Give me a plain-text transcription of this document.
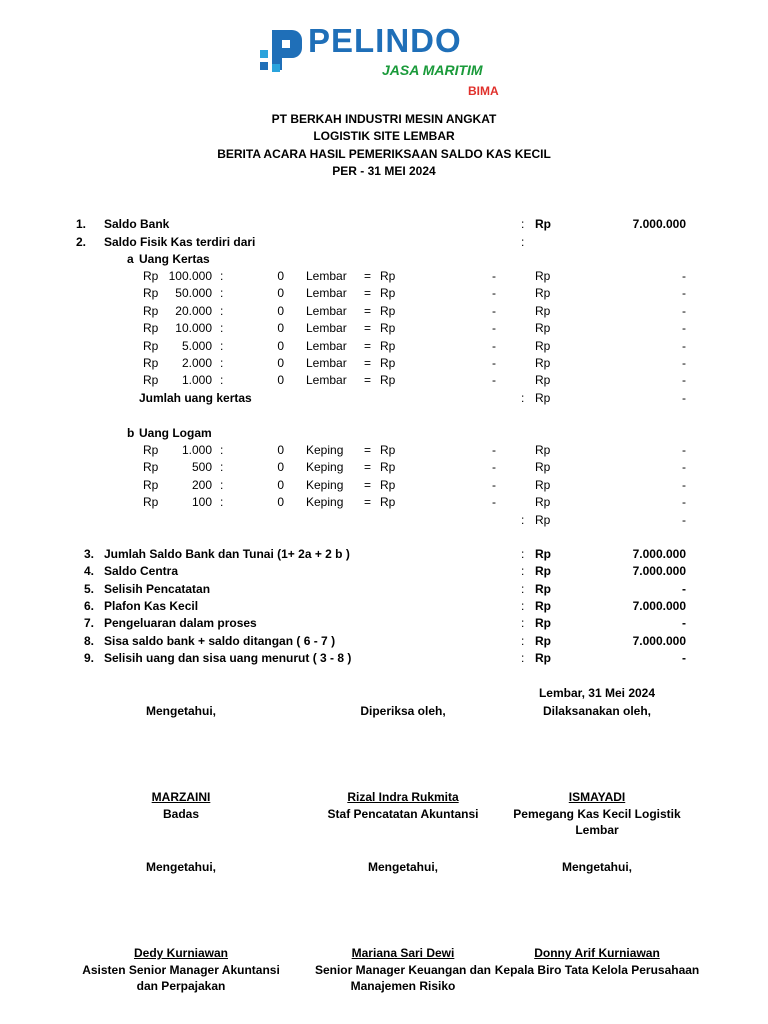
PELINDO
JASA MARITIM
BIMA
PT BERKAH INDUSTRI MESIN ANGKAT
LOGISTIK SITE LEMBAR
BERITA ACARA HASIL PEMERIKSAAN SALDO KAS KECIL
PER - 31 MEI 2024
1. Saldo Bank	: Rp	7.000.000
2. Saldo Fisik Kas terdiri dari	:
a Uang Kertas
Rp 100.000 :	0 Lembar = Rp	-	Rp	-
Rp	50.000 :	0 Lembar = Rp	-	Rp	-
Rp	20.000 :	0 Lembar = Rp	-	Rp	-
Rp	10.000 :	0 Lembar = Rp	-	Rp	-
Rp	5.000 :	0 Lembar = Rp	-	Rp	-
Rp	2.000 :	0 Lembar = Rp	-	Rp	-
Rp	1.000 :	0 Lembar = Rp	-	Rp	-
Jumlah uang kertas	: Rp	-
b Uang Logam
Rp	1.000 :	0 Keping = Rp	-	Rp	-
Rp	500 :	0 Keping = Rp	-	Rp	-
Rp	200 :	0 Keping = Rp	-	Rp	-
Rp	100 :	0 Keping = Rp	-	Rp	-
: Rp	-
3. Jumlah Saldo Bank dan Tunai (1+ 2a + 2 b )	: Rp	7.000.000
4. Saldo Centra	: Rp	7.000.000
5. Selisih Pencatatan	: Rp	-
6. Plafon Kas Kecil	: Rp	7.000.000
7. Pengeluaran dalam proses	: Rp	-
8. Sisa saldo bank + saldo ditangan ( 6 - 7 )	: Rp	7.000.000
9. Selisih uang dan sisa uang menurut ( 3 - 8 )	: Rp	-
Lembar, 31 Mei 2024
Mengetahui,
MARZAINI
Badas
Diperiksa oleh,
Rizal Indra Rukmita
Staf Pencatatan Akuntansi
Dilaksanakan oleh,
ISMAYADI
Pemegang Kas Kecil Logistik Lembar
Mengetahui,
Dedy Kurniawan
Asisten Senior Manager Akuntansi dan Perpajakan
Mengetahui,
Mariana Sari Dewi
Senior Manager Keuangan dan Manajemen Risiko
Mengetahui,
Donny Arif Kurniawan
Kepala Biro Tata Kelola Perusahaan
